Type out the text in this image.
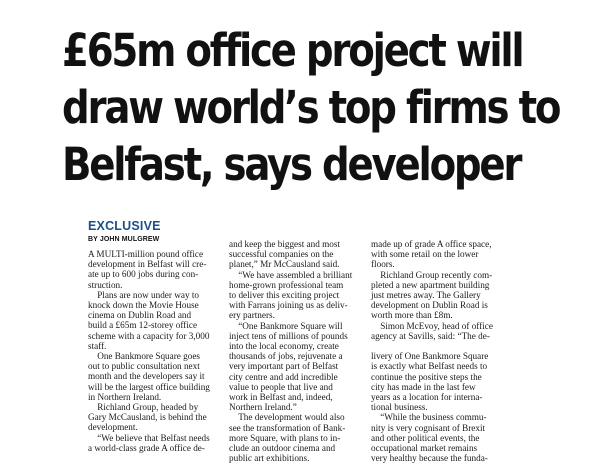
£65m office project will
draw world’s top firms to
Belfast, says developer
EXCLUSIVE
BY JOHN MULGREW
A MULTI-million pound office
development in Belfast will cre-
ate up to 600 jobs during con-
struction.
 Plans are now under way to
knock down the Movie House
cinema on Dublin Road and
build a £65m 12-storey office
scheme with a capacity for 3,000
staff.
 One Bankmore Square goes
out to public consultation next
month and the developers say it
will be the largest office building
in Northern Ireland.
 Richland Group, headed by
Gary McCausland, is behind the
development.
 “We believe that Belfast needs
a world-class grade A office de-
and keep the biggest and most
successful companies on the
planet,” Mr McCausland said.
 “We have assembled a brilliant
home-grown professional team
to deliver this exciting project
with Farrans joining us as deliv-
ery partners.
 “One Bankmore Square will
inject tens of millions of pounds
into the local economy, create
thousands of jobs, rejuvenate a
very important part of Belfast
city centre and add incredible
value to people that live and
work in Belfast and, indeed,
Northern Ireland.”
 The development would also
see the transformation of Bank-
more Square, with plans to in-
clude an outdoor cinema and
public art exhibitions.
made up of grade A office space,
with some retail on the lower
floors.
 Richland Group recently com-
pleted a new apartment building
just metres away. The Gallery
development on Dublin Road is
worth more than £8m.
 Simon McEvoy, head of office
agency at Savills, said: “The de-

livery of One Bankmore Square
is exactly what Belfast needs to
continue the positive steps the
city has made in the last few
years as a location for interna-
tional business.
 “While the business commu-
nity is very cognisant of Brexit
and other political events, the
occupational market remains
very healthy because the funda-
